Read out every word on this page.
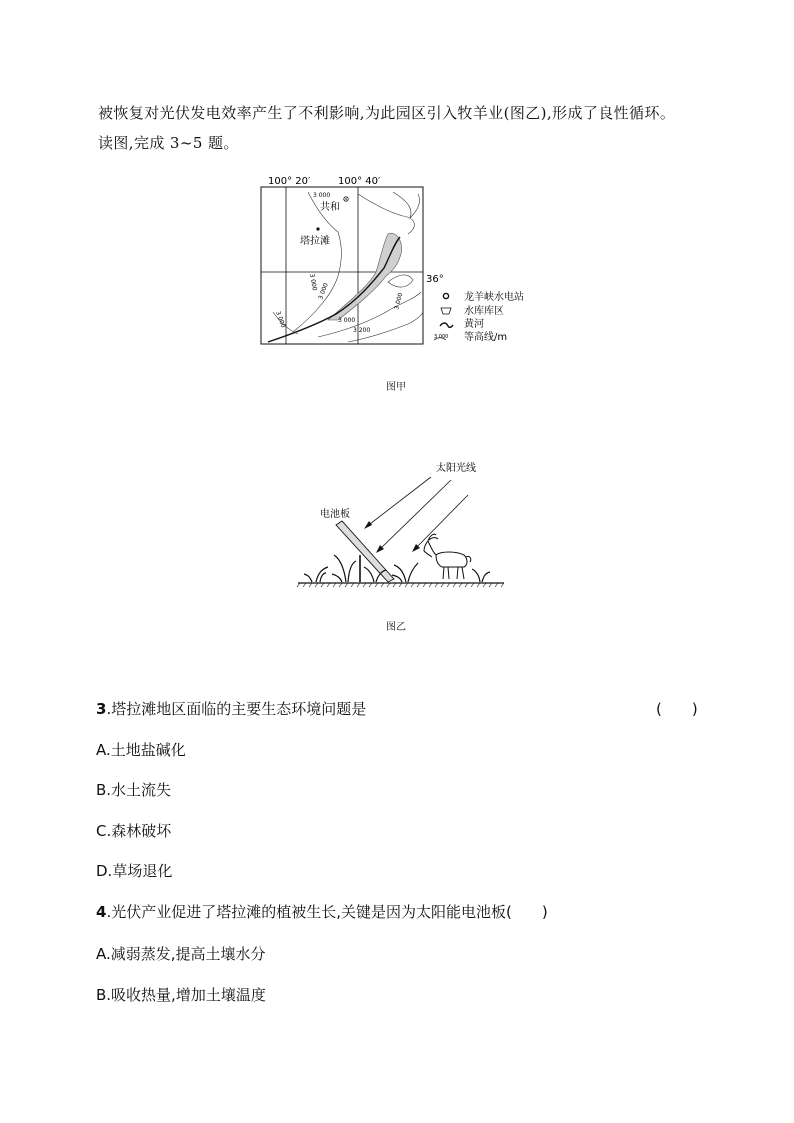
被恢复对光伏发电效率产生了不利影响,为此园区引入牧羊业(图乙),形成了良性循环。

读图,完成 3~5 题。

100° 20′	100° 40′
36°
3 000
3 000 3 000
3 000
3 000
3 200
3 000
共和
塔拉滩
龙羊峡水电站
水库库区
黄河
3 000 等高线/m
图甲
太阳光线
电池板
图乙
3.塔拉滩地区面临的主要生态环境问题是	(　　)
A.土地盐碱化
B.水土流失
C.森林破坏
D.草场退化
4.光伏产业促进了塔拉滩的植被生长,关键是因为太阳能电池板(　　)
A.减弱蒸发,提高土壤水分
B.吸收热量,增加土壤温度
